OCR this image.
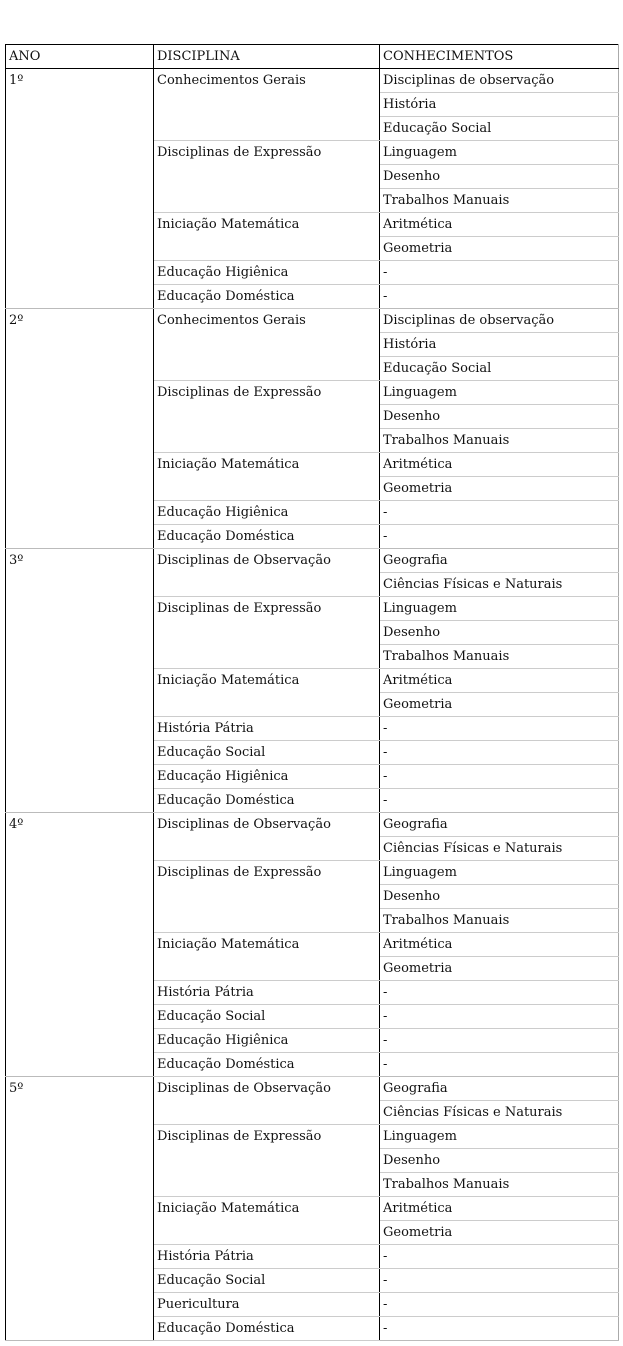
ANO	DISCIPLINA	CONHECIMENTOS
1º	Conhecimentos Gerais	Disciplinas de observação
		História
		Educação Social
	Disciplinas de Expressão	Linguagem
		Desenho
		Trabalhos Manuais
	Iniciação Matemática	Aritmética
		Geometria
	Educação Higiênica	-
	Educação Doméstica	-
2º	Conhecimentos Gerais	Disciplinas de observação
		História
		Educação Social
	Disciplinas de Expressão	Linguagem
		Desenho
		Trabalhos Manuais
	Iniciação Matemática	Aritmética
		Geometria
	Educação Higiênica	-
	Educação Doméstica	-
3º	Disciplinas de Observação	Geografia
		Ciências Físicas e Naturais
	Disciplinas de Expressão	Linguagem
		Desenho
		Trabalhos Manuais
	Iniciação Matemática	Aritmética
		Geometria
	História Pátria	-
	Educação Social	-
	Educação Higiênica	-
	Educação Doméstica	-
4º	Disciplinas de Observação	Geografia
		Ciências Físicas e Naturais
	Disciplinas de Expressão	Linguagem
		Desenho
		Trabalhos Manuais
	Iniciação Matemática	Aritmética
		Geometria
	História Pátria	-
	Educação Social	-
	Educação Higiênica	-
	Educação Doméstica	-
5º	Disciplinas de Observação	Geografia
		Ciências Físicas e Naturais
	Disciplinas de Expressão	Linguagem
		Desenho
		Trabalhos Manuais
	Iniciação Matemática	Aritmética
		Geometria
	História Pátria	-
	Educação Social	-
	Puericultura	-
	Educação Doméstica	-
